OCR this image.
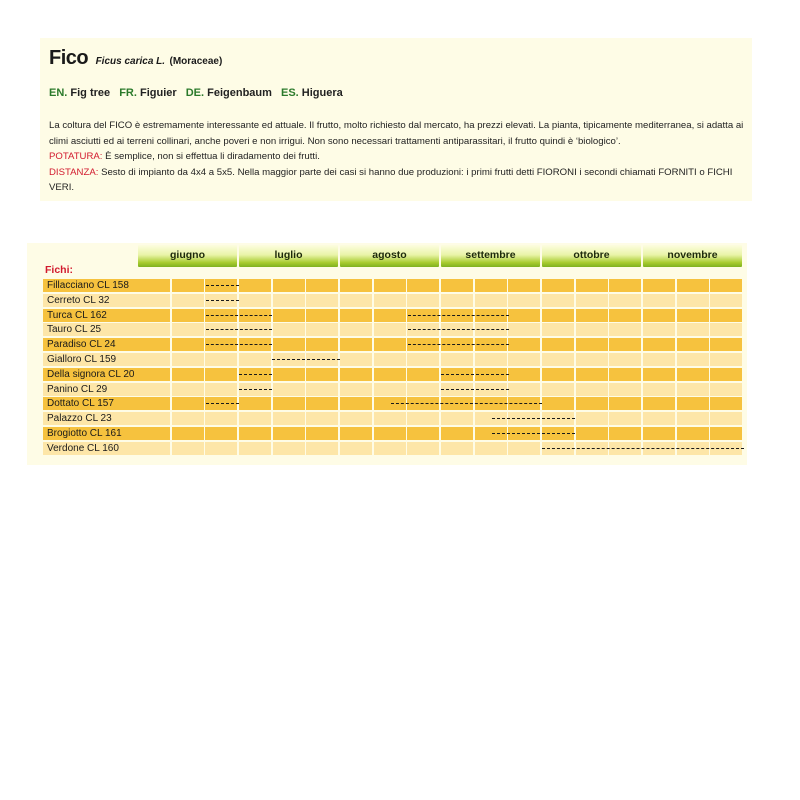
Fico Ficus carica L. (Moraceae)
EN. Fig tree FR. Figuier DE. Feigenbaum ES. Higuera

La coltura del FICO è estremamente interessante ed attuale. Il frutto, molto richiesto dal mercato, ha prezzi elevati. La pianta, tipicamente mediterranea, si adatta ai climi asciutti ed ai terreni collinari, anche poveri e non irrigui. Non sono necessari trattamenti antiparassitari, il frutto quindi è ‘biologico’.

POTATURA: È semplice, non si effettua li diradamento dei frutti.

DISTANZA: Sesto di impianto da 4x4 a 5x5. Nella maggior parte dei casi si hanno due produzioni: i primi frutti detti FIORONI i secondi chiamati FORNITI o FICHI VERI.

Fichi:
giugno	luglio	agosto	settembre	ottobre	novembre
Fillacciano CL 158
Cerreto CL 32
Turca CL 162
Tauro CL 25
Paradiso CL 24
Gialloro CL 159
Della signora CL 20
Panino CL 29
Dottato CL 157
Palazzo CL 23
Brogiotto CL 161
Verdone CL 160
